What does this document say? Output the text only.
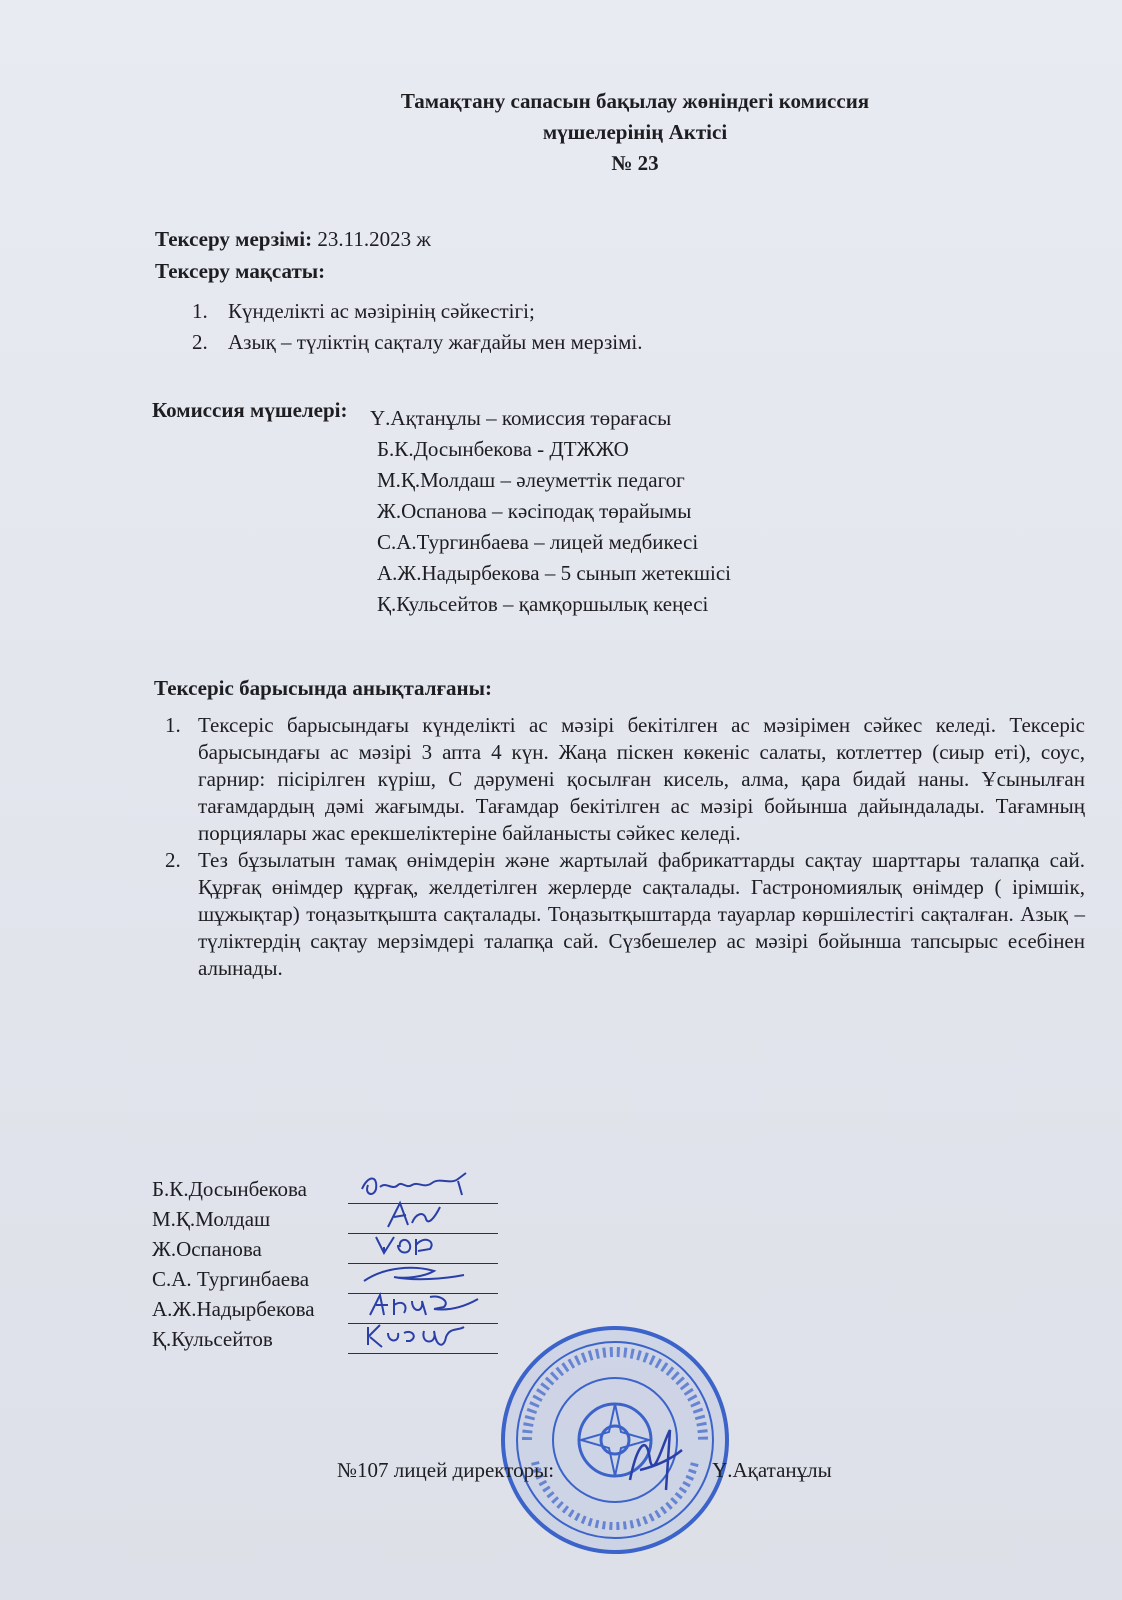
Тамақтану сапасын бақылау жөніндегі комиссия
мүшелерінің Актісі
№ 23
Тексеру мерзімі: 23.11.2023 ж
Тексеру мақсаты:
1. Күнделікті ас мәзірінің сәйкестігі;
2. Азық – түліктің сақталу жағдайы мен мерзімі.
Комиссия мүшелері: Ү.Ақтанұлы – комиссия төрағасы
Б.К.Досынбекова - ДТЖЖО
М.Қ.Молдаш – әлеуметтік педагог
Ж.Оспанова – кәсіподақ төрайымы
С.А.Тургинбаева – лицей медбикесі
А.Ж.Надырбекова – 5 сынып жетекшісі
Қ.Кульсейтов – қамқоршылық кеңесі
Тексеріс барысында анықталғаны:
1. Тексеріс барысындағы күнделікті ас мәзірі бекітілген ас мәзірімен сәйкес келеді. Тексеріс барысындағы ас мәзірі 3 апта 4 күн. Жаңа піскен көкеніс салаты, котлеттер (сиыр еті), соус, гарнир: пісірілген күріш, С дәрумені қосылған кисель, алма, қара бидай наны. Ұсынылған тағамдардың дәмі жағымды. Тағамдар бекітілген ас мәзірі бойынша дайындалады. Тағамның порциялары жас ерекшеліктеріне байланысты сәйкес келеді.
2. Тез бұзылатын тамақ өнімдерін және жартылай фабрикаттарды сақтау шарттары талапқа сай. Құрғақ өнімдер құрғақ, желдетілген жерлерде сақталады. Гастрономиялық өнімдер ( ірімшік, шұжықтар) тоңазытқышта сақталады. Тоңазытқыштарда тауарлар көршілестігі сақталған. Азық – түліктердің сақтау мерзімдері талапқа сай. Сүзбешелер ас мәзірі бойынша тапсырыс есебінен алынады.
Б.К.Досынбекова
М.Қ.Молдаш
Ж.Оспанова
С.А. Тургинбаева
А.Ж.Надырбекова
Қ.Кульсейтов
№107 лицей директоры:	Ү.Ақатанұлы
